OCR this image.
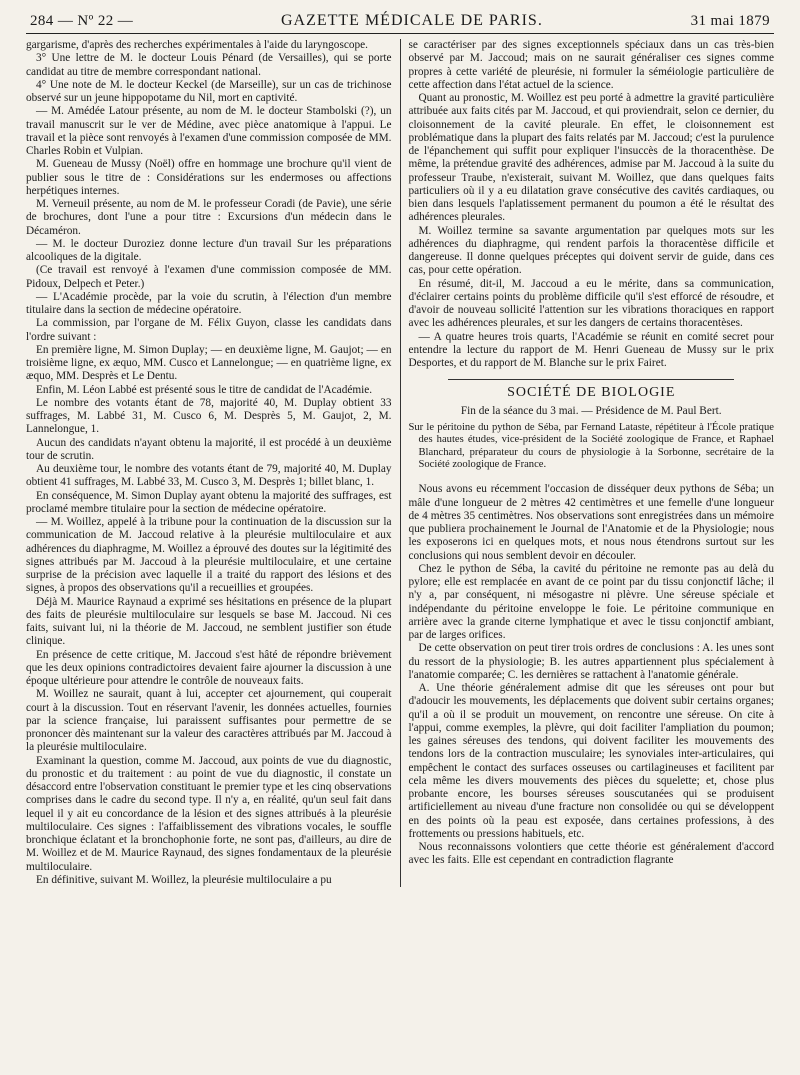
284 — Nº 22 —	GAZETTE MÉDICALE DE PARIS.	31 mai 1879

gargarisme, d'après des recherches expérimentales à l'aide du laryngoscope.

3° Une lettre de M. le docteur Louis Pénard (de Versailles), qui se porte candidat au titre de membre correspondant national.

4° Une note de M. le docteur Keckel (de Marseille), sur un cas de trichinose observé sur un jeune hippopotame du Nil, mort en captivité.

— M. Amédée Latour présente, au nom de M. le docteur Stambolski (?), un travail manuscrit sur le ver de Médine, avec pièce anatomique à l'appui. Le travail et la pièce sont renvoyés à l'examen d'une commission composée de MM. Charles Robin et Vulpian.

M. Gueneau de Mussy (Noël) offre en hommage une brochure qu'il vient de publier sous le titre de : Considérations sur les endermoses ou affections herpétiques internes.

M. Verneuil présente, au nom de M. le professeur Coradi (de Pavie), une série de brochures, dont l'une a pour titre : Excursions d'un médecin dans le Décaméron.

— M. le docteur Duroziez donne lecture d'un travail Sur les préparations alcooliques de la digitale.

(Ce travail est renvoyé à l'examen d'une commission composée de MM. Pidoux, Delpech et Peter.)

— L'Académie procède, par la voie du scrutin, à l'élection d'un membre titulaire dans la section de médecine opératoire.

La commission, par l'organe de M. Félix Guyon, classe les candidats dans l'ordre suivant :

En première ligne, M. Simon Duplay; — en deuxième ligne, M. Gaujot; — en troisième ligne, ex æquo, MM. Cusco et Lannelongue; — en quatrième ligne, ex æquo, MM. Desprès et Le Dentu.

Enfin, M. Léon Labbé est présenté sous le titre de candidat de l'Académie.

Le nombre des votants étant de 78, majorité 40, M. Duplay obtient 33 suffrages, M. Labbé 31, M. Cusco 6, M. Desprès 5, M. Gaujot, 2, M. Lannelongue, 1.

Aucun des candidats n'ayant obtenu la majorité, il est procédé à un deuxième tour de scrutin.

Au deuxième tour, le nombre des votants étant de 79, majorité 40, M. Duplay obtient 41 suffrages, M. Labbé 33, M. Cusco 3, M. Desprès 1; billet blanc, 1.

En conséquence, M. Simon Duplay ayant obtenu la majorité des suffrages, est proclamé membre titulaire pour la section de médecine opératoire.

— M. Woillez, appelé à la tribune pour la continuation de la discussion sur la communication de M. Jaccoud relative à la pleurésie multiloculaire et aux adhérences du diaphragme, M. Woillez a éprouvé des doutes sur la légitimité des signes attribués par M. Jaccoud à la pleurésie multiloculaire, et une certaine surprise de la précision avec laquelle il a traité du rapport des lésions et des signes, à propos des observations qu'il a recueillies et groupées.

Déjà M. Maurice Raynaud a exprimé ses hésitations en présence de la plupart des faits de pleurésie multiloculaire sur lesquels se base M. Jaccoud. Ni ces faits, suivant lui, ni la théorie de M. Jaccoud, ne semblent justifier son étude clinique.

En présence de cette critique, M. Jaccoud s'est hâté de répondre brièvement que les deux opinions contradictoires devaient faire ajourner la discussion à une époque ultérieure pour attendre le contrôle de nouveaux faits.

M. Woillez ne saurait, quant à lui, accepter cet ajournement, qui couperait court à la discussion. Tout en réservant l'avenir, les données actuelles, fournies par la science française, lui paraissent suffisantes pour permettre de se prononcer dès maintenant sur la valeur des caractères attribués par M. Jaccoud à la pleurésie multiloculaire.

Examinant la question, comme M. Jaccoud, aux points de vue du diagnostic, du pronostic et du traitement : au point de vue du diagnostic, il constate un désaccord entre l'observation constituant le premier type et les cinq observations comprises dans le cadre du second type. Il n'y a, en réalité, qu'un seul fait dans lequel il y ait eu concordance de la lésion et des signes attribués à la pleurésie multiloculaire. Ces signes : l'affaiblissement des vibrations vocales, le souffle bronchique éclatant et la bronchophonie forte, ne sont pas, d'ailleurs, au dire de M. Woillez et de M. Maurice Raynaud, des signes fondamentaux de la pleurésie multiloculaire.

En définitive, suivant M. Woillez, la pleurésie multiloculaire a pu

se caractériser par des signes exceptionnels spéciaux dans un cas très-bien observé par M. Jaccoud; mais on ne saurait généraliser ces signes comme propres à cette variété de pleurésie, ni formuler la séméiologie particulière de cette affection dans l'état actuel de la science.

Quant au pronostic, M. Woillez est peu porté à admettre la gravité particulière attribuée aux faits cités par M. Jaccoud, et qui proviendrait, selon ce dernier, du cloisonnement de la cavité pleurale. En effet, le cloisonnement est problématique dans la plupart des faits relatés par M. Jaccoud; c'est la purulence de l'épanchement qui suffit pour expliquer l'insuccès de la thoracenthèse. De même, la prétendue gravité des adhérences, admise par M. Jaccoud à la suite du professeur Traube, n'existerait, suivant M. Woillez, que dans quelques faits particuliers où il y a eu dilatation grave consécutive des cavités cardiaques, ou bien dans lesquels l'aplatissement permanent du poumon a été le résultat des adhérences pleurales.

M. Woillez termine sa savante argumentation par quelques mots sur les adhérences du diaphragme, qui rendent parfois la thoracentèse difficile et dangereuse. Il donne quelques préceptes qui doivent servir de guide, dans ces cas, pour cette opération.

En résumé, dit-il, M. Jaccoud a eu le mérite, dans sa communication, d'éclairer certains points du problème difficile qu'il s'est efforcé de résoudre, et d'avoir de nouveau sollicité l'attention sur les vibrations thoraciques en rapport avec les adhérences pleurales, et sur les dangers de certains thoracentèses.

— A quatre heures trois quarts, l'Académie se réunit en comité secret pour entendre la lecture du rapport de M. Henri Gueneau de Mussy sur le prix Desportes, et du rapport de M. Blanche sur le prix Fairet.

SOCIÉTÉ DE BIOLOGIE

Fin de la séance du 3 mai. — Présidence de M. Paul Bert.

Sur le péritoine du python de Séba, par Fernand Lataste, répétiteur à l'École pratique des hautes études, vice-président de la Société zoologique de France, et Raphael Blanchard, préparateur du cours de physiologie à la Sorbonne, secrétaire de la Société zoologique de France.

Nous avons eu récemment l'occasion de disséquer deux pythons de Séba; un mâle d'une longueur de 2 mètres 42 centimètres et une femelle d'une longueur de 4 mètres 35 centimètres. Nos observations sont enregistrées dans un mémoire que publiera prochainement le Journal de l'Anatomie et de la Physiologie; nous les exposerons ici en quelques mots, et nous nous étendrons surtout sur les conclusions qui nous semblent devoir en découler.

Chez le python de Séba, la cavité du péritoine ne remonte pas au delà du pylore; elle est remplacée en avant de ce point par du tissu conjonctif lâche; il n'y a, par conséquent, ni mésogastre ni plèvre. Une séreuse spéciale et indépendante du péritoine enveloppe le foie. Le péritoine communique en arrière avec la grande citerne lymphatique et avec le tissu conjonctif ambiant, par de larges orifices.

De cette observation on peut tirer trois ordres de conclusions : A. les unes sont du ressort de la physiologie; B. les autres appartiennent plus spécialement à l'anatomie comparée; C. les dernières se rattachent à l'anatomie générale.

A. Une théorie généralement admise dit que les séreuses ont pour but d'adoucir les mouvements, les déplacements que doivent subir certains organes; qu'il a où il se produit un mouvement, on rencontre une séreuse. On cite à l'appui, comme exemples, la plèvre, qui doit faciliter l'ampliation du poumon; les gaines séreuses des tendons, qui doivent faciliter les mouvements des tendons lors de la contraction musculaire; les synoviales inter-articulaires, qui empêchent le contact des surfaces osseuses ou cartilagineuses et facilitent par cela même les divers mouvements des pièces du squelette; et, chose plus probante encore, les bourses séreuses souscutanées qui se produisent artificiellement au niveau d'une fracture non consolidée ou qui se développent en des points où la peau est exposée, dans certaines professions, à des frottements ou pressions habituels, etc.

Nous reconnaissons volontiers que cette théorie est généralement d'accord avec les faits. Elle est cependant en contradiction flagrante
